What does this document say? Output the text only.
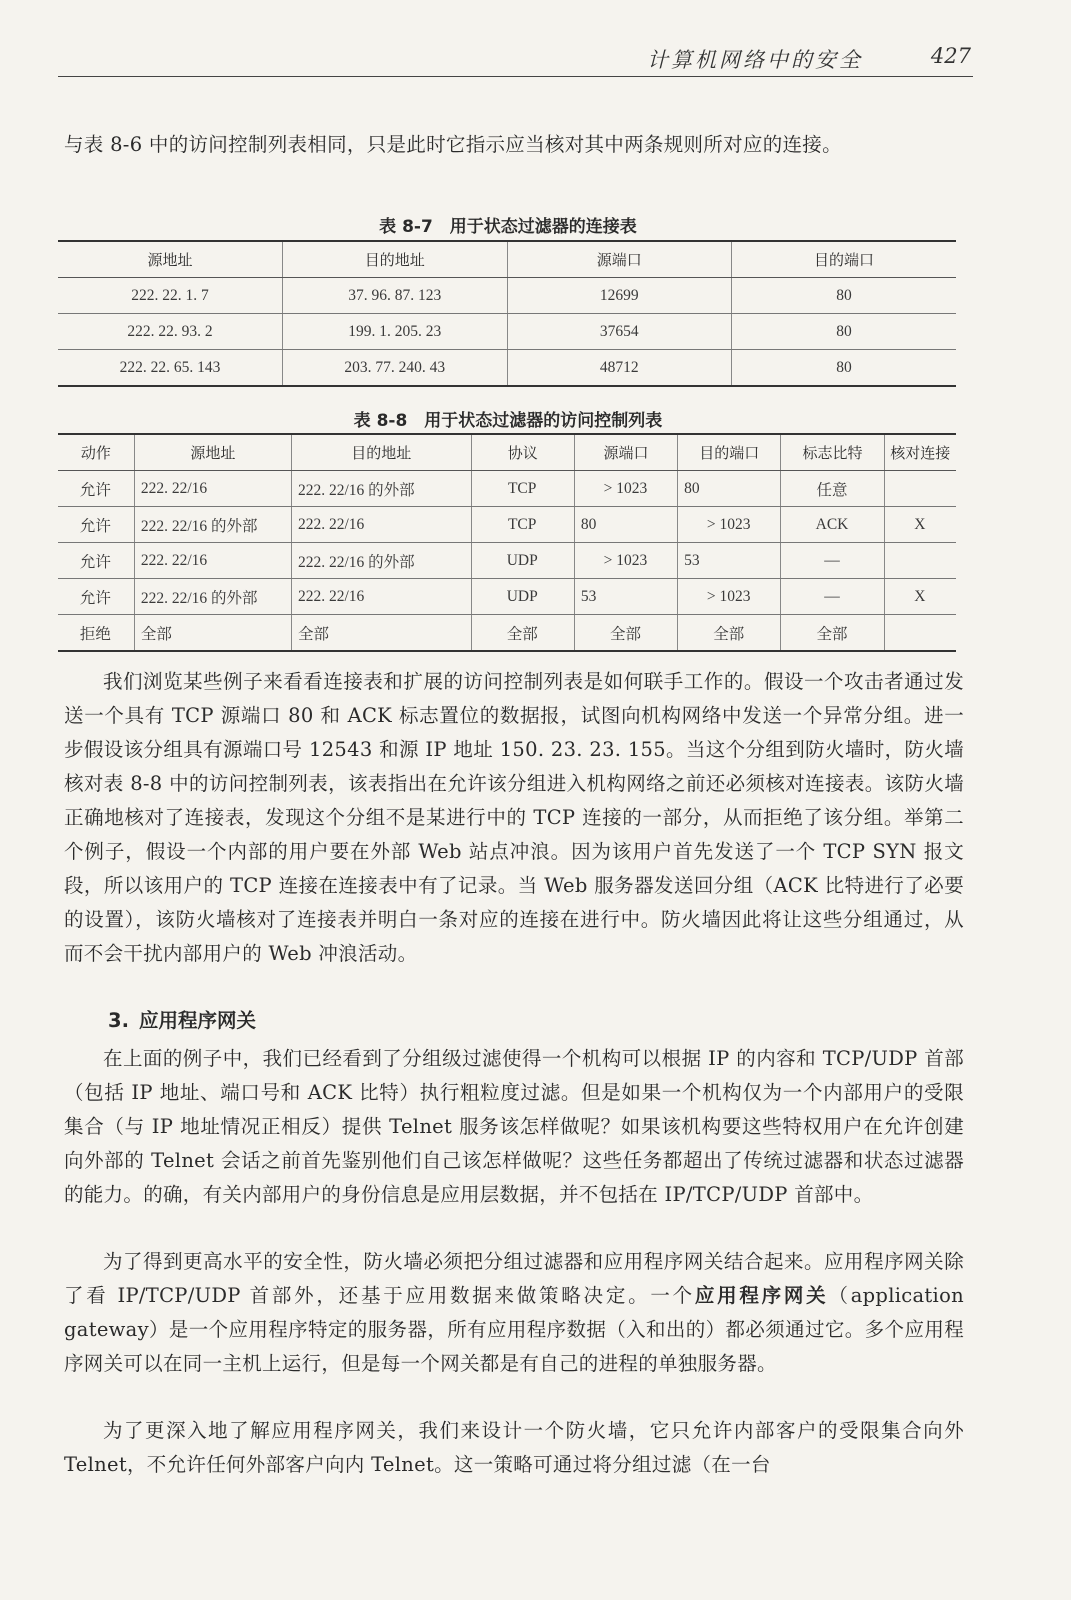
计算机网络中的安全	427

与表 8-6 中的访问控制列表相同，只是此时它指示应当核对其中两条规则所对应的连接。

表 8-7　用于状态过滤器的连接表
源地址	目的地址	源端口	目的端口
222. 22. 1. 7	37. 96. 87. 123	12699	80
222. 22. 93. 2	199. 1. 205. 23	37654	80
222. 22. 65. 143	203. 77. 240. 43	48712	80
表 8-8　用于状态过滤器的访问控制列表
动作	源地址	目的地址	协议	源端口	目的端口	标志比特	核对连接
允许	222. 22/16	222. 22/16 的外部	TCP	> 1023	80	任意	
允许	222. 22/16 的外部	222. 22/16	TCP	80	> 1023	ACK	X
允许	222. 22/16	222. 22/16 的外部	UDP	> 1023	53	—	
允许	222. 22/16 的外部	222. 22/16	UDP	53	> 1023	—	X
拒绝	全部	全部	全部	全部	全部	全部	

我们浏览某些例子来看看连接表和扩展的访问控制列表是如何联手工作的。假设一个攻击者通过发送一个具有 TCP 源端口 80 和 ACK 标志置位的数据报，试图向机构网络中发送一个异常分组。进一步假设该分组具有源端口号 12543 和源 IP 地址 150. 23. 23. 155。当这个分组到防火墙时，防火墙核对表 8-8 中的访问控制列表，该表指出在允许该分组进入机构网络之前还必须核对连接表。该防火墙正确地核对了连接表，发现这个分组不是某进行中的 TCP 连接的一部分，从而拒绝了该分组。举第二个例子，假设一个内部的用户要在外部 Web 站点冲浪。因为该用户首先发送了一个 TCP SYN 报文段，所以该用户的 TCP 连接在连接表中有了记录。当 Web 服务器发送回分组（ACK 比特进行了必要的设置），该防火墙核对了连接表并明白一条对应的连接在进行中。防火墙因此将让这些分组通过，从而不会干扰内部用户的 Web 冲浪活动。

3. 应用程序网关

在上面的例子中，我们已经看到了分组级过滤使得一个机构可以根据 IP 的内容和 TCP/UDP 首部（包括 IP 地址、端口号和 ACK 比特）执行粗粒度过滤。但是如果一个机构仅为一个内部用户的受限集合（与 IP 地址情况正相反）提供 Telnet 服务该怎样做呢？如果该机构要这些特权用户在允许创建向外部的 Telnet 会话之前首先鉴别他们自己该怎样做呢？这些任务都超出了传统过滤器和状态过滤器的能力。的确，有关内部用户的身份信息是应用层数据，并不包括在 IP/TCP/UDP 首部中。

为了得到更高水平的安全性，防火墙必须把分组过滤器和应用程序网关结合起来。应用程序网关除了看 IP/TCP/UDP 首部外，还基于应用数据来做策略决定。一个应用程序网关（application gateway）是一个应用程序特定的服务器，所有应用程序数据（入和出的）都必须通过它。多个应用程序网关可以在同一主机上运行，但是每一个网关都是有自己的进程的单独服务器。

为了更深入地了解应用程序网关，我们来设计一个防火墙，它只允许内部客户的受限集合向外 Telnet，不允许任何外部客户向内 Telnet。这一策略可通过将分组过滤（在一台
